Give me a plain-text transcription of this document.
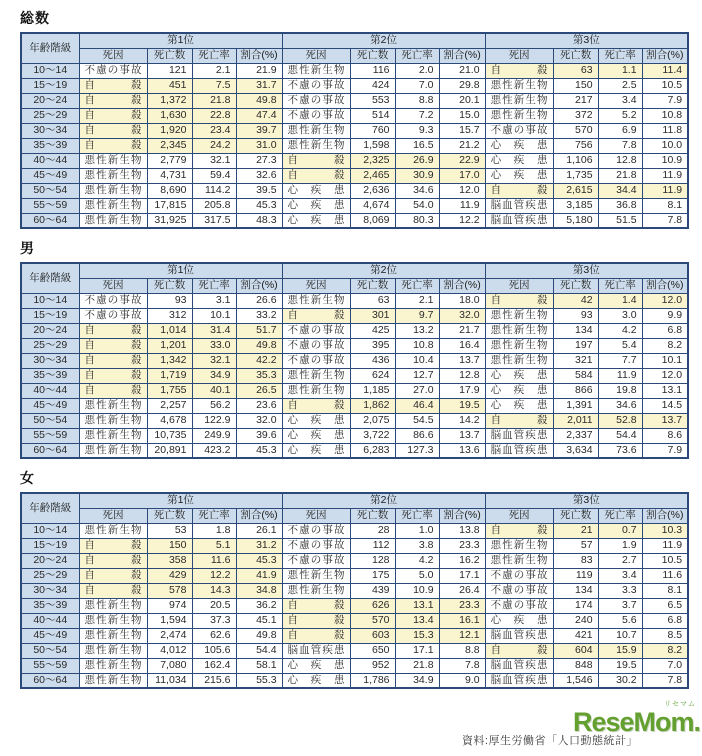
総数
年齢階級	第1位				第2位				第3位			
	死因	死亡数	死亡率	割合(%)	死因	死亡数	死亡率	割合(%)	死因	死亡数	死亡率	割合(%)
10〜14	不慮の事故	121	2.1	21.9	悪性新生物	116	2.0	21.0	自殺	63	1.1	11.4
15〜19	自殺	451	7.5	31.7	不慮の事故	424	7.0	29.8	悪性新生物	150	2.5	10.5
20〜24	自殺	1,372	21.8	49.8	不慮の事故	553	8.8	20.1	悪性新生物	217	3.4	7.9
25〜29	自殺	1,630	22.8	47.4	不慮の事故	514	7.2	15.0	悪性新生物	372	5.2	10.8
30〜34	自殺	1,920	23.4	39.7	悪性新生物	760	9.3	15.7	不慮の事故	570	6.9	11.8
35〜39	自殺	2,345	24.2	31.0	悪性新生物	1,598	16.5	21.2	心疾患	756	7.8	10.0
40〜44	悪性新生物	2,779	32.1	27.3	自殺	2,325	26.9	22.9	心疾患	1,106	12.8	10.9
45〜49	悪性新生物	4,731	59.4	32.6	自殺	2,465	30.9	17.0	心疾患	1,735	21.8	11.9
50〜54	悪性新生物	8,690	114.2	39.5	心疾患	2,636	34.6	12.0	自殺	2,615	34.4	11.9
55〜59	悪性新生物	17,815	205.8	45.3	心疾患	4,674	54.0	11.9	脳血管疾患	3,185	36.8	8.1
60〜64	悪性新生物	31,925	317.5	48.3	心疾患	8,069	80.3	12.2	脳血管疾患	5,180	51.5	7.8
男
年齢階級	第1位				第2位				第3位			
	死因	死亡数	死亡率	割合(%)	死因	死亡数	死亡率	割合(%)	死因	死亡数	死亡率	割合(%)
10〜14	不慮の事故	93	3.1	26.6	悪性新生物	63	2.1	18.0	自殺	42	1.4	12.0
15〜19	不慮の事故	312	10.1	33.2	自殺	301	9.7	32.0	悪性新生物	93	3.0	9.9
20〜24	自殺	1,014	31.4	51.7	不慮の事故	425	13.2	21.7	悪性新生物	134	4.2	6.8
25〜29	自殺	1,201	33.0	49.8	不慮の事故	395	10.8	16.4	悪性新生物	197	5.4	8.2
30〜34	自殺	1,342	32.1	42.2	不慮の事故	436	10.4	13.7	悪性新生物	321	7.7	10.1
35〜39	自殺	1,719	34.9	35.3	悪性新生物	624	12.7	12.8	心疾患	584	11.9	12.0
40〜44	自殺	1,755	40.1	26.5	悪性新生物	1,185	27.0	17.9	心疾患	866	19.8	13.1
45〜49	悪性新生物	2,257	56.2	23.6	自殺	1,862	46.4	19.5	心疾患	1,391	34.6	14.5
50〜54	悪性新生物	4,678	122.9	32.0	心疾患	2,075	54.5	14.2	自殺	2,011	52.8	13.7
55〜59	悪性新生物	10,735	249.9	39.6	心疾患	3,722	86.6	13.7	脳血管疾患	2,337	54.4	8.6
60〜64	悪性新生物	20,891	423.2	45.3	心疾患	6,283	127.3	13.6	脳血管疾患	3,634	73.6	7.9
女
年齢階級	第1位				第2位				第3位			
	死因	死亡数	死亡率	割合(%)	死因	死亡数	死亡率	割合(%)	死因	死亡数	死亡率	割合(%)
10〜14	悪性新生物	53	1.8	26.1	不慮の事故	28	1.0	13.8	自殺	21	0.7	10.3
15〜19	自殺	150	5.1	31.2	不慮の事故	112	3.8	23.3	悪性新生物	57	1.9	11.9
20〜24	自殺	358	11.6	45.3	不慮の事故	128	4.2	16.2	悪性新生物	83	2.7	10.5
25〜29	自殺	429	12.2	41.9	悪性新生物	175	5.0	17.1	不慮の事故	119	3.4	11.6
30〜34	自殺	578	14.3	34.8	悪性新生物	439	10.9	26.4	不慮の事故	134	3.3	8.1
35〜39	悪性新生物	974	20.5	36.2	自殺	626	13.1	23.3	不慮の事故	174	3.7	6.5
40〜44	悪性新生物	1,594	37.3	45.1	自殺	570	13.4	16.1	心疾患	240	5.6	6.8
45〜49	悪性新生物	2,474	62.6	49.8	自殺	603	15.3	12.1	脳血管疾患	421	10.7	8.5
50〜54	悪性新生物	4,012	105.6	54.4	脳血管疾患	650	17.1	8.8	自殺	604	15.9	8.2
55〜59	悪性新生物	7,080	162.4	58.1	心疾患	952	21.8	7.8	脳血管疾患	848	19.5	7.0
60〜64	悪性新生物	11,034	215.6	55.3	心疾患	1,786	34.9	9.0	脳血管疾患	1,546	30.2	7.8
資料:厚生労働省「人口動態統計」
リセマム
ReseMom.
